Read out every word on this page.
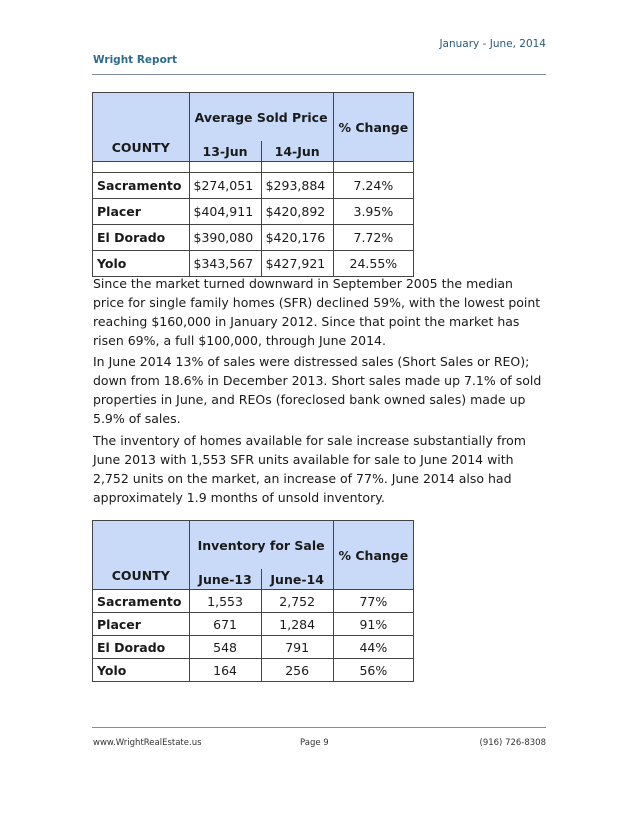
January - June, 2014
Wright Report
COUNTY	Average Sold Price		% Change
	13-Jun	14-Jun	

Sacramento	$274,051	$293,884	7.24%
Placer	$404,911	$420,892	3.95%
El Dorado	$390,080	$420,176	7.72%
Yolo	$343,567	$427,921	24.55%

Since the market turned downward in September 2005 the median price for single family homes (SFR) declined 59%, with the lowest point reaching $160,000 in January 2012. Since that point the market has risen 69%, a full $100,000, through June 2014.

In June 2014 13% of sales were distressed sales (Short Sales or REO); down from 18.6% in December 2013. Short sales made up 7.1% of sold properties in June, and REOs (foreclosed bank owned sales) made up 5.9% of sales.

The inventory of homes available for sale increase substantially from June 2013 with 1,553 SFR units available for sale to June 2014 with 2,752 units on the market, an increase of 77%. June 2014 also had approximately 1.9 months of unsold inventory.

COUNTY	Inventory for Sale		% Change
	June-13	June-14	
Sacramento	1,553	2,752	77%
Placer	671	1,284	91%
El Dorado	548	791	44%
Yolo	164	256	56%
www.WrightRealEstate.us	Page 9	(916) 726-8308
